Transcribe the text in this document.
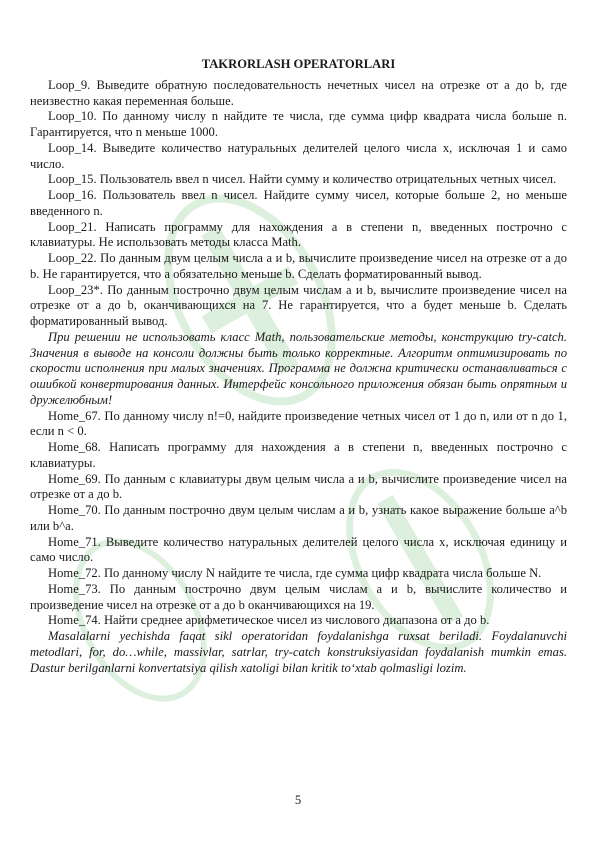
TAKRORLASH OPERATORLARI

Loop_9. Выведите обратную последовательность нечетных чисел на отрезке от a до b, где неизвестно какая переменная больше.

Loop_10. По данному числу n найдите те числа, где сумма цифр квадрата числа больше n. Гарантируется, что n меньше 1000.

Loop_14. Выведите количество натуральных делителей целого числа x, исключая 1 и само число.

Loop_15. Пользователь ввел n чисел. Найти сумму и количество отрицательных четных чисел.

Loop_16. Пользователь ввел n чисел. Найдите сумму чисел, которые больше 2, но меньше введенного n.

Loop_21. Написать программу для нахождения a в степени n, введенных построчно с клавиатуры. Не использовать методы класса Math.

Loop_22. По данным двум целым числа a и b, вычислите произведение чисел на отрезке от a до b. Не гарантируется, что a обязательно меньше b. Сделать форматированный вывод.

Loop_23*. По данным построчно двум целым числам a и b, вычислите произведение чисел на отрезке от a до b, оканчивающихся на 7. Не гарантируется, что a будет меньше b. Сделать форматированный вывод.

При решении не использовать класс Math, пользовательские методы, конструкцию try-catch. Значения в выводе на консоли должны быть только корректные. Алгоритм оптимизировать по скорости исполнения при малых значениях. Программа не должна критически останавливаться с ошибкой конвертирования данных. Интерфейс консольного приложения обязан быть опрятным и дружелюбным!

Home_67. По данному числу n!=0, найдите произведение четных чисел от 1 до n, или от n до 1, если n < 0.

Home_68. Написать программу для нахождения a в степени n, введенных построчно с клавиатуры.

Home_69. По данным с клавиатуры двум целым числа a и b, вычислите произведение чисел на отрезке от a до b.

Home_70. По данным построчно двум целым числам a и b, узнать какое выражение больше a^b или b^a.

Home_71. Выведите количество натуральных делителей целого числа x, исключая единицу и само число.

Home_72. По данному числу N найдите те числа, где сумма цифр квадрата числа больше N.

Home_73. По данным построчно двум целым числам a и b, вычислите количество и произведение чисел на отрезке от a до b оканчивающихся на 19.

Home_74. Найти среднее арифметическое чисел из числового диапазона от a до b.

Masalalarni yechishda faqat sikl operatoridan foydalanishga ruxsat beriladi. Foydalanuvchi metodlari, for, do…while, massivlar, satrlar, try-catch konstruksiyasidan foydalanish mumkin emas. Dastur berilganlarni konvertatsiya qilish xatoligi bilan kritik to‘xtab qolmasligi lozim.

5
